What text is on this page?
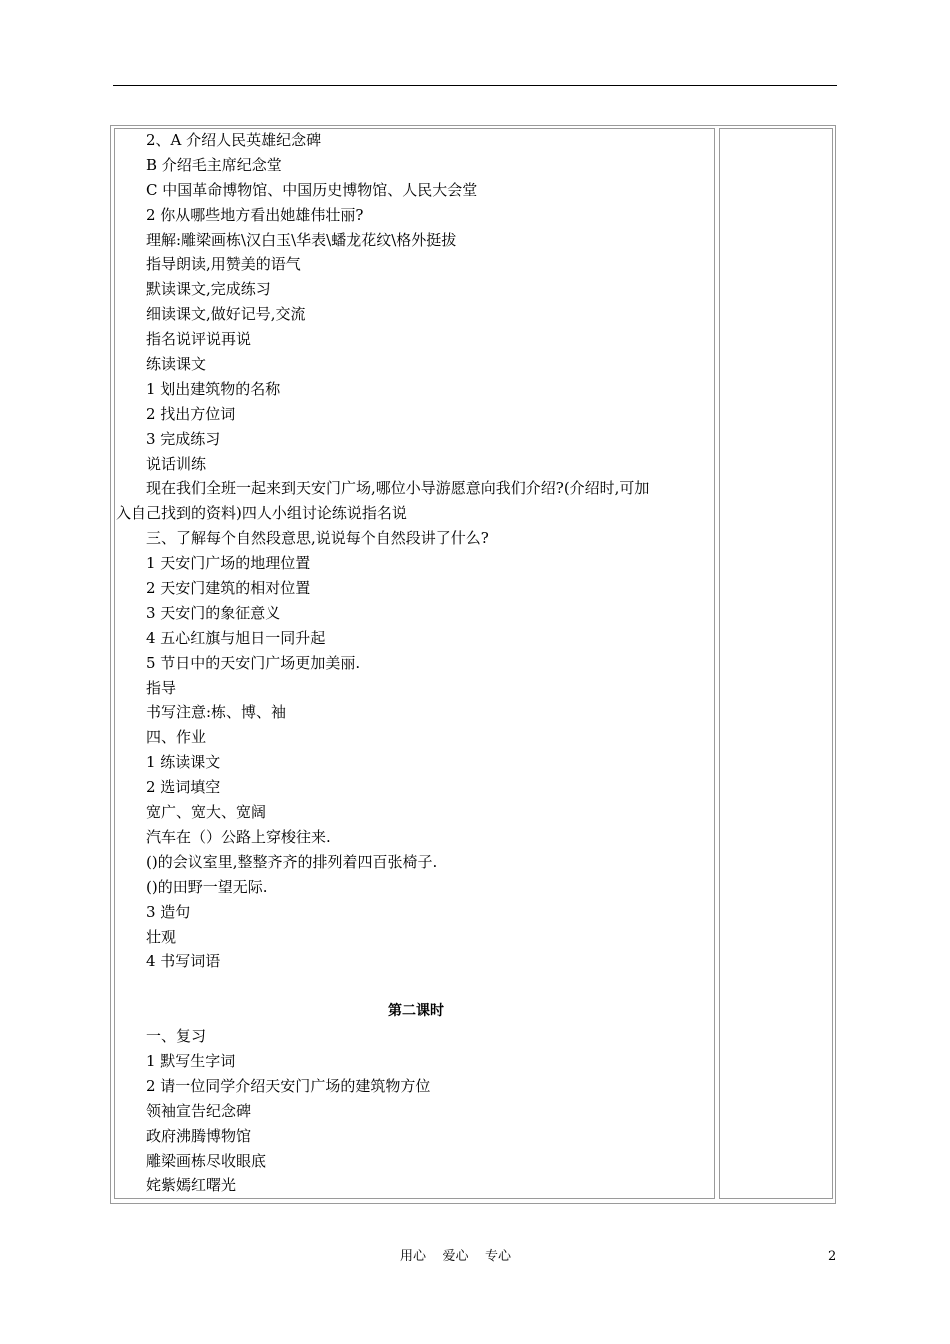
2、A 介绍人民英雄纪念碑
B 介绍毛主席纪念堂
C 中国革命博物馆、中国历史博物馆、人民大会堂
2 你从哪些地方看出她雄伟壮丽?
理解:雕梁画栋\汉白玉\华表\蟠龙花纹\格外挺拔
指导朗读,用赞美的语气
默读课文,完成练习
细读课文,做好记号,交流
指名说评说再说
练读课文
1 划出建筑物的名称
2 找出方位词
3 完成练习
说话训练
现在我们全班一起来到天安门广场,哪位小导游愿意向我们介绍?(介绍时,可加
入自己找到的资料)四人小组讨论练说指名说
三、了解每个自然段意思,说说每个自然段讲了什么?
1 天安门广场的地理位置
2 天安门建筑的相对位置
3 天安门的象征意义
4 五心红旗与旭日一同升起
5 节日中的天安门广场更加美丽.
指导
书写注意:栋、博、袖
四、作业
1 练读课文
2 选词填空
宽广、宽大、宽阔
汽车在（）公路上穿梭往来.
()的会议室里,整整齐齐的排列着四百张椅子.
()的田野一望无际.
3 造句
壮观
4 书写词语
第二课时
一、复习
1 默写生字词
2 请一位同学介绍天安门广场的建筑物方位
领袖宣告纪念碑
政府沸腾博物馆
雕梁画栋尽收眼底
姹紫嫣红曙光
用心    爱心    专心	2
